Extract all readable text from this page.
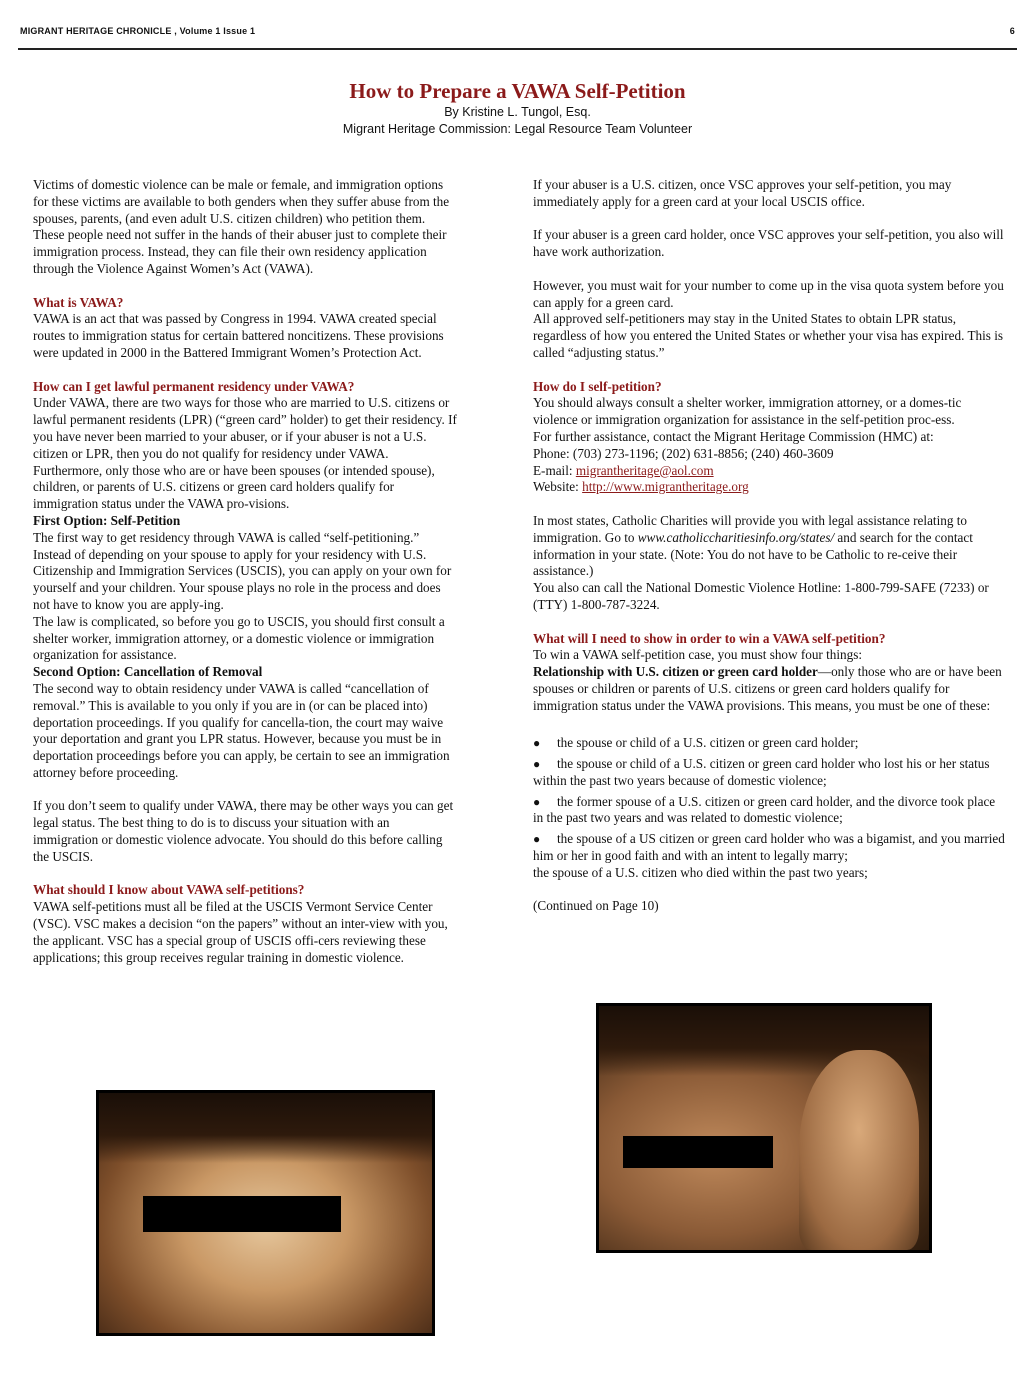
MIGRANT HERITAGE CHRONICLE , Volume 1 Issue 1	6
How to Prepare a VAWA Self-Petition
By Kristine L. Tungol, Esq.
Migrant Heritage Commission: Legal Resource Team Volunteer

Victims of domestic violence can be male or female, and immigration options for these victims are available to both genders when they suffer abuse from the spouses, parents, (and even adult U.S. citizen children) who petition them. These people need not suffer in the hands of their abuser just to complete their immigration process. Instead, they can file their own residency application through the Violence Against Women’s Act (VAWA).

What is VAWA?

VAWA is an act that was passed by Congress in 1994. VAWA created special routes to immigration status for certain battered noncitizens. These provisions were updated in 2000 in the Battered Immigrant Women’s Protection Act.

How can I get lawful permanent residency under VAWA?

Under VAWA, there are two ways for those who are married to U.S. citizens or lawful permanent residents (LPR) (“green card” holder) to get their residency. If you have never been married to your abuser, or if your abuser is not a U.S. citizen or LPR, then you do not qualify for residency under VAWA. Furthermore, only those who are or have been spouses (or intended spouse), children, or parents of U.S. citizens or green card holders qualify for immigration status under the VAWA pro-visions.

First Option: Self-Petition

The first way to get residency through VAWA is called “self-petitioning.” Instead of depending on your spouse to apply for your residency with U.S. Citizenship and Immigration Services (USCIS), you can apply on your own for yourself and your children. Your spouse plays no role in the process and does not have to know you are apply-ing.

The law is complicated, so before you go to USCIS, you should first consult a shelter worker, immigration attorney, or a domestic violence or immigration organization for assistance.

Second Option: Cancellation of Removal

The second way to obtain residency under VAWA is called “cancellation of removal.” This is available to you only if you are in (or can be placed into) deportation proceedings. If you qualify for cancella-tion, the court may waive your deportation and grant you LPR status. However, because you must be in deportation proceedings before you can apply, be certain to see an immigration attorney before proceeding.

If you don’t seem to qualify under VAWA, there may be other ways you can get legal status. The best thing to do is to discuss your situation with an immigration or domestic violence advocate. You should do this before calling the USCIS.

What should I know about VAWA self-petitions?

VAWA self-petitions must all be filed at the USCIS Vermont Service Center (VSC). VSC makes a decision “on the papers” without an inter-view with you, the applicant. VSC has a special group of USCIS offi-cers reviewing these applications; this group receives regular training in domestic violence.

If your abuser is a U.S. citizen, once VSC approves your self-petition, you may immediately apply for a green card at your local USCIS office.

If your abuser is a green card holder, once VSC approves your self-petition, you also will have work authorization.

However, you must wait for your number to come up in the visa quota system before you can apply for a green card.

All approved self-petitioners may stay in the United States to obtain LPR status, regardless of how you entered the United States or whether your visa has expired. This is called “adjusting status.”

How do I self-petition?

You should always consult a shelter worker, immigration attorney, or a domes-tic violence or immigration organization for assistance in the self-petition proc-ess.

For further assistance, contact the Migrant Heritage Commission (HMC) at:

Phone: (703) 273-1196; (202) 631-8856; (240) 460-3609

E-mail: migrantheritage@aol.com

Website: http://www.migrantheritage.org

In most states, Catholic Charities will provide you with legal assistance relating to immigration. Go to www.catholiccharitiesinfo.org/states/ and search for the contact information in your state. (Note: You do not have to be Catholic to re-ceive their assistance.)

You also can call the National Domestic Violence Hotline: 1-800-799-SAFE (7233) or (TTY) 1-800-787-3224.

What will I need to show in order to win a VAWA self-petition?

To win a VAWA self-petition case, you must show four things:

Relationship with U.S. citizen or green card holder—only those who are or have been spouses or children or parents of U.S. citizens or green card holders qualify for immigration status under the VAWA provisions. This means, you must be one of these:

● the spouse or child of a U.S. citizen or green card holder;

● the spouse or child of a U.S. citizen or green card holder who lost his or her status within the past two years because of domestic violence;

● the former spouse of a U.S. citizen or green card holder, and the divorce took place in the past two years and was related to domestic violence;

● the spouse of a US citizen or green card holder who was a bigamist, and you married him or her in good faith and with an intent to legally marry;

the spouse of a U.S. citizen who died within the past two years;

(Continued on Page 10)
